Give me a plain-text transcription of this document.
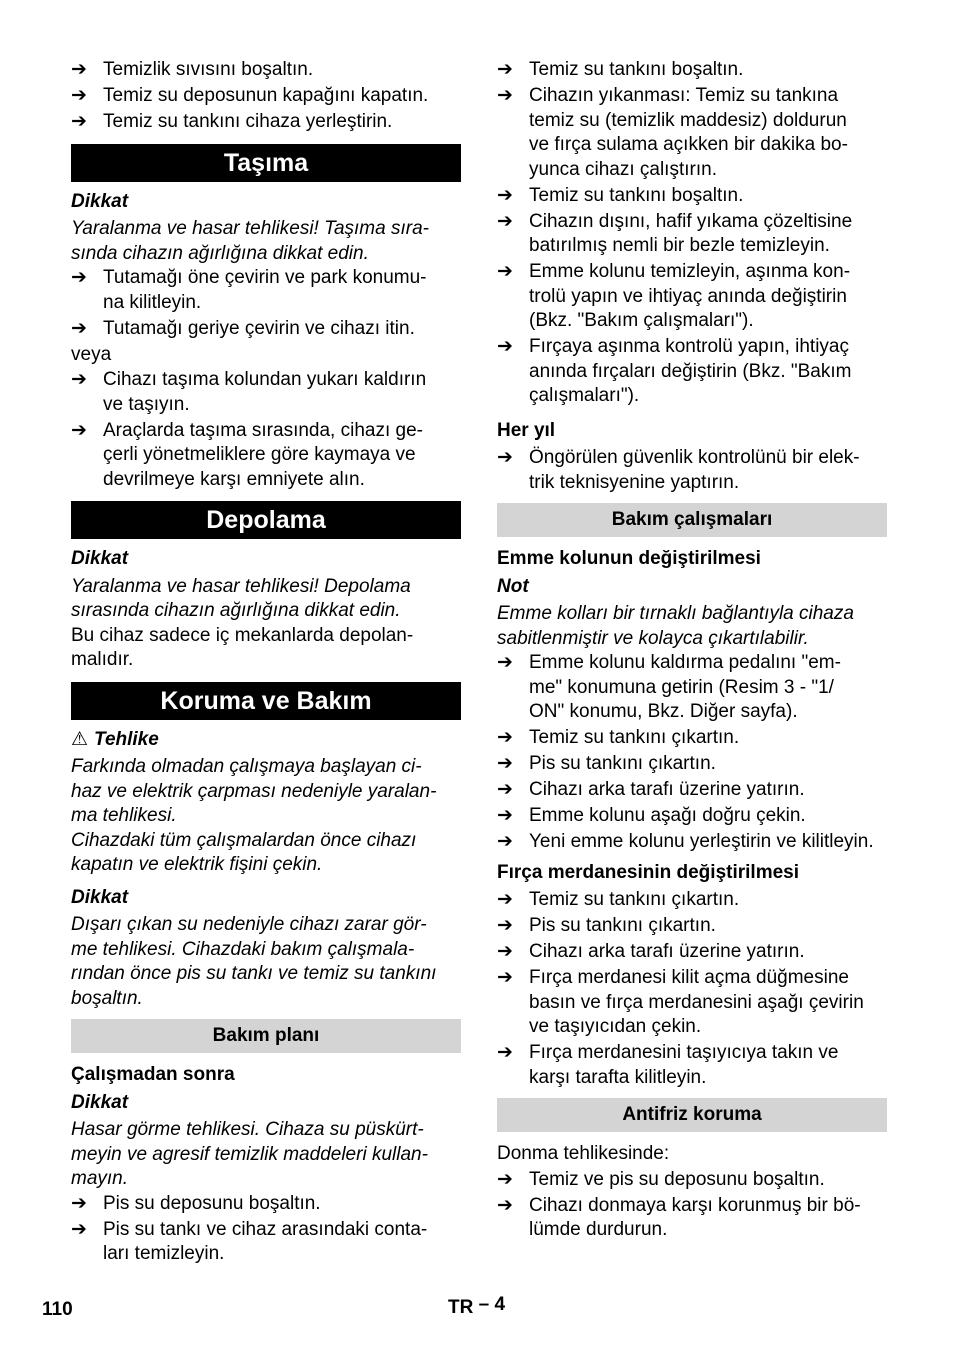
➔ Temizlik sıvısını boşaltın.
➔ Temiz su deposunun kapağını kapatın.
➔ Temiz su tankını cihaza yerleştirin.
Taşıma
Dikkat
Yaralanma ve hasar tehlikesi! Taşıma sıra-
sında cihazın ağırlığına dikkat edin.
➔ Tutamağı öne çevirin ve park konumu-
na kilitleyin.
➔ Tutamağı geriye çevirin ve cihazı itin.
veya
➔ Cihazı taşıma kolundan yukarı kaldırın
ve taşıyın.
➔ Araçlarda taşıma sırasında, cihazı ge-
çerli yönetmeliklere göre kaymaya ve
devrilmeye karşı emniyete alın.
Depolama
Dikkat
Yaralanma ve hasar tehlikesi! Depolama
sırasında cihazın ağırlığına dikkat edin.
Bu cihaz sadece iç mekanlarda depolan-
malıdır.
Koruma ve Bakım
⚠ Tehlike
Farkında olmadan çalışmaya başlayan ci-
haz ve elektrik çarpması nedeniyle yaralan-
ma tehlikesi.
Cihazdaki tüm çalışmalardan önce cihazı
kapatın ve elektrik fişini çekin.
Dikkat
Dışarı çıkan su nedeniyle cihazı zarar gör-
me tehlikesi. Cihazdaki bakım çalışmala-
rından önce pis su tankı ve temiz su tankını
boşaltın.
Bakım planı
Çalışmadan sonra
Dikkat
Hasar görme tehlikesi. Cihaza su püskürt-
meyin ve agresif temizlik maddeleri kullan-
mayın.
➔ Pis su deposunu boşaltın.
➔ Pis su tankı ve cihaz arasındaki conta-
ları temizleyin.
➔ Temiz su tankını boşaltın.
➔ Cihazın yıkanması: Temiz su tankına
temiz su (temizlik maddesiz) doldurun
ve fırça sulama açıkken bir dakika bo-
yunca cihazı çalıştırın.
➔ Temiz su tankını boşaltın.
➔ Cihazın dışını, hafif yıkama çözeltisine
batırılmış nemli bir bezle temizleyin.
➔ Emme kolunu temizleyin, aşınma kon-
trolü yapın ve ihtiyaç anında değiştirin
(Bkz. "Bakım çalışmaları").
➔ Fırçaya aşınma kontrolü yapın, ihtiyaç
anında fırçaları değiştirin (Bkz. "Bakım
çalışmaları").
Her yıl
➔ Öngörülen güvenlik kontrolünü bir elek-
trik teknisyenine yaptırın.
Bakım çalışmaları
Emme kolunun değiştirilmesi
Not
Emme kolları bir tırnaklı bağlantıyla cihaza
sabitlenmiştir ve kolayca çıkartılabilir.
➔ Emme kolunu kaldırma pedalını "em-
me" konumuna getirin (Resim 3 - "1/
ON" konumu, Bkz. Diğer sayfa).
➔ Temiz su tankını çıkartın.
➔ Pis su tankını çıkartın.
➔ Cihazı arka tarafı üzerine yatırın.
➔ Emme kolunu aşağı doğru çekin.
➔ Yeni emme kolunu yerleştirin ve kilitleyin.
Fırça merdanesinin değiştirilmesi
➔ Temiz su tankını çıkartın.
➔ Pis su tankını çıkartın.
➔ Cihazı arka tarafı üzerine yatırın.
➔ Fırça merdanesi kilit açma düğmesine
basın ve fırça merdanesini aşağı çevirin
ve taşıyıcıdan çekin.
➔ Fırça merdanesini taşıyıcıya takın ve
karşı tarafta kilitleyin.
Antifriz koruma
Donma tehlikesinde:
➔ Temiz ve pis su deposunu boşaltın.
➔ Cihazı donmaya karşı korunmuş bir bö-
lümde durdurun.
110	TR – 4
